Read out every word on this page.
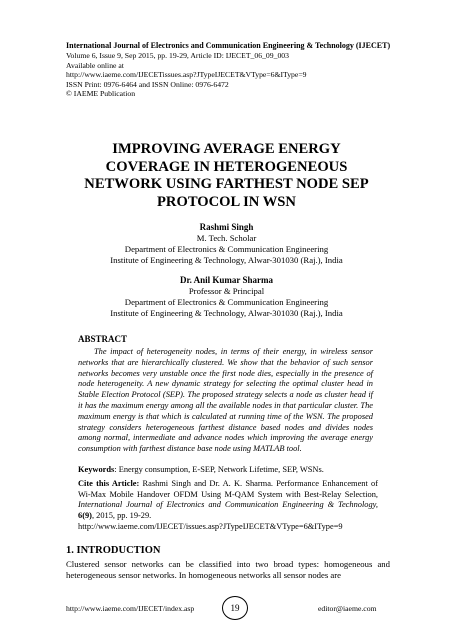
International Journal of Electronics and Communication Engineering & Technology (IJECET)
Volume 6, Issue 9, Sep 2015, pp. 19-29, Article ID: IJECET_06_09_003
Available online at
http://www.iaeme.com/IJECETissues.asp?JTypeIJECET&VType=6&IType=9
ISSN Print: 0976-6464 and ISSN Online: 0976-6472
© IAEME Publication
IMPROVING AVERAGE ENERGY
COVERAGE IN HETEROGENEOUS
NETWORK USING FARTHEST NODE SEP
PROTOCOL IN WSN
Rashmi Singh
M. Tech. Scholar
Department of Electronics & Communication Engineering
Institute of Engineering & Technology, Alwar-301030 (Raj.), India
Dr. Anil Kumar Sharma
Professor & Principal
Department of Electronics & Communication Engineering
Institute of Engineering & Technology, Alwar-301030 (Raj.), India
ABSTRACT

The impact of heterogeneity nodes, in terms of their energy, in wireless sensor networks that are hierarchically clustered. We show that the behavior of such sensor networks becomes very unstable once the first node dies, especially in the presence of node heterogeneity. A new dynamic strategy for selecting the optimal cluster head in Stable Election Protocol (SEP). The proposed strategy selects a node as cluster head if it has the maximum energy among all the available nodes in that particular cluster. The maximum energy is that which is calculated at running time of the WSN. The proposed strategy considers heterogeneous farthest distance based nodes and divides nodes among normal, intermediate and advance nodes which improving the average energy consumption with farthest distance base node using MATLAB tool.

Keywords: Energy consumption, E-SEP, Network Lifetime, SEP, WSNs.
Cite this Article: Rashmi Singh and Dr. A. K. Sharma. Performance Enhancement of Wi-Max Mobile Handover OFDM Using M-QAM System with Best-Relay Selection, International Journal of Electronics and Communication Engineering & Technology, 6(9), 2015, pp. 19-29.
http://www.iaeme.com/IJECET/issues.asp?JTypeIJECET&VType=6&IType=9
1. INTRODUCTION
Clustered sensor networks can be classified into two broad types: homogeneous and heterogeneous sensor networks. In homogeneous networks all sensor nodes are
http://www.iaeme.com/IJECET/index.asp	19	editor@iaeme.com
